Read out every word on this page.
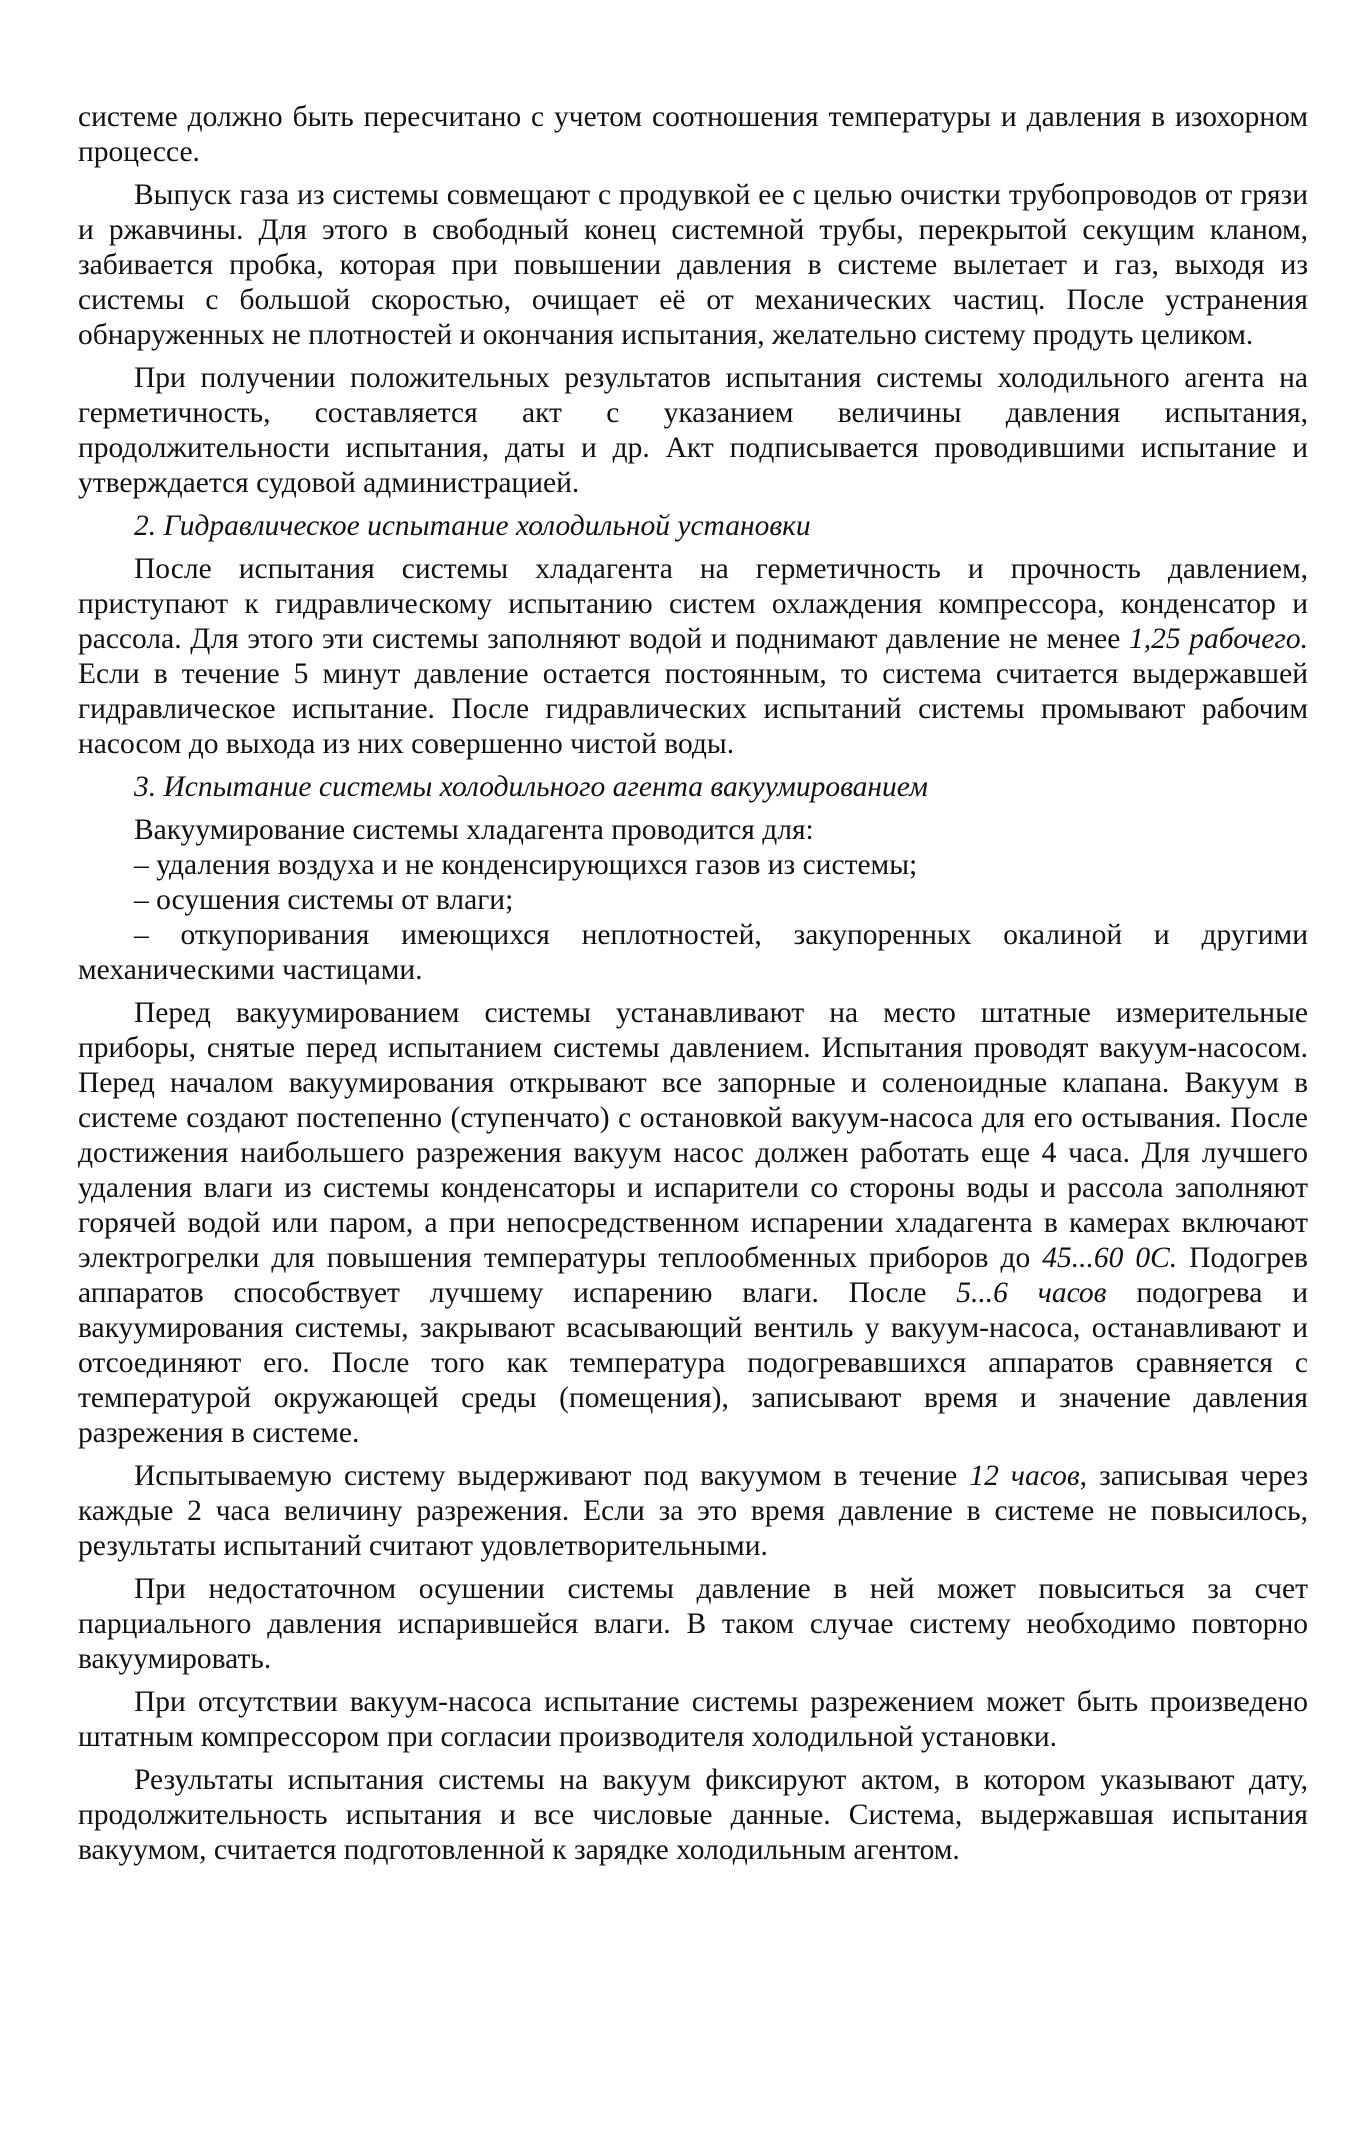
системе должно быть пересчитано с учетом соотношения температуры и давления в изохорном процессе.

Выпуск газа из системы совмещают с продувкой ее с целью очистки трубопроводов от грязи и ржавчины. Для этого в свободный конец системной трубы, перекрытой секущим кланом, забивается пробка, которая при повышении давления в системе вылетает и газ, выходя из системы с большой скоростью, очищает её от механических частиц. После устранения обнаруженных не плотностей и окончания испытания, желательно систему продуть целиком.

При получении положительных результатов испытания системы холодильного агента на герметичность, составляется акт с указанием величины давления испытания, продолжительности испытания, даты и др. Акт подписывается проводившими испытание и утверждается судовой администрацией.

2. Гидравлическое испытание холодильной установки

После испытания системы хладагента на герметичность и прочность давлением, приступают к гидравлическому испытанию систем охлаждения компрессора, конденсатор и рассола. Для этого эти системы заполняют водой и поднимают давление не менее 1,25 рабочего. Если в течение 5 минут давление остается постоянным, то система считается выдержавшей гидравлическое испытание. После гидравлических испытаний системы промывают рабочим насосом до выхода из них совершенно чистой воды.

3. Испытание системы холодильного агента вакуумированием

Вакуумирование системы хладагента проводится для:

– удаления воздуха и не конденсирующихся газов из системы;

– осушения системы от влаги;

– откупоривания имеющихся неплотностей, закупоренных окалиной и другими механическими частицами.

Перед вакуумированием системы устанавливают на место штатные измерительные приборы, снятые перед испытанием системы давлением. Испытания проводят вакуум-насосом. Перед началом вакуумирования открывают все запорные и соленоидные клапана. Вакуум в системе создают постепенно (ступенчато) с остановкой вакуум-насоса для его остывания. После достижения наибольшего разрежения вакуум насос должен работать еще 4 часа. Для лучшего удаления влаги из системы конденсаторы и испарители со стороны воды и рассола заполняют горячей водой или паром, а при непосредственном испарении хладагента в камерах включают электрогрелки для повышения температуры теплообменных приборов до 45...60 0C. Подогрев аппаратов способствует лучшему испарению влаги. После 5...6 часов подогрева и вакуумирования системы, закрывают всасывающий вентиль у вакуум-насоса, останавливают и отсоединяют его. После того как температура подогревавшихся аппаратов сравняется с температурой окружающей среды (помещения), записывают время и значение давления разрежения в системе.

Испытываемую систему выдерживают под вакуумом в течение 12 часов, записывая через каждые 2 часа величину разрежения. Если за это время давление в системе не повысилось, результаты испытаний считают удовлетворительными.

При недостаточном осушении системы давление в ней может повыситься за счет парциального давления испарившейся влаги. В таком случае систему необходимо повторно вакуумировать.

При отсутствии вакуум-насоса испытание системы разрежением может быть произведено штатным компрессором при согласии производителя холодильной установки.

Результаты испытания системы на вакуум фиксируют актом, в котором указывают дату, продолжительность испытания и все числовые данные. Система, выдержавшая испытания вакуумом, считается подготовленной к зарядке холодильным агентом.
